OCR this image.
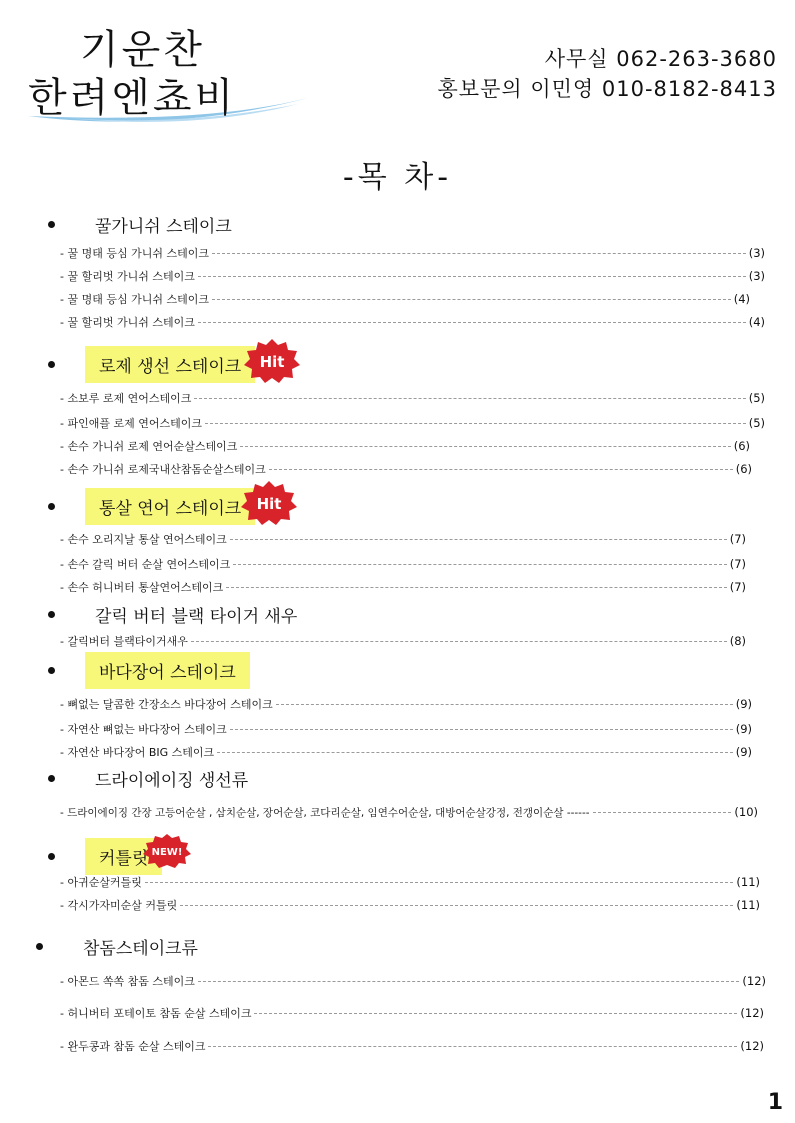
기운찬
한려엔쵸비
사무실 062-263-3680
홍보문의 이민영 010-8182-8413
-목 차-
꿀가니쉬 스테이크
- 꿀 명태 등심 가니쉬 스테이크	(3)
- 꿀 할리벗 가니쉬 스테이크	(3)
- 꿀 명태 등심 가니쉬 스테이크	(4)
- 꿀 할리벗 가니쉬 스테이크	(4)
로제 생선 스테이크	Hit
- 소보루 로제 연어스테이크	(5)
- 파인애플 로제 연어스테이크	(5)
- 손수 가니쉬 로제 연어순살스테이크	(6)
- 손수 가니쉬 로제국내산참돔순살스테이크	(6)
통살 연어 스테이크	Hit
- 손수 오리지날 통살 연어스테이크	(7)
- 손수 갈릭 버터 순살 연어스테이크	(7)
- 손수 허니버터 통살연어스테이크	(7)
갈릭 버터 블랙 타이거 새우
- 갈릭버터 블랙타이거새우	(8)
바다장어 스테이크
- 뼈없는 달콤한 간장소스 바다장어 스테이크	(9)
- 자연산 뼈없는 바다장어 스테이크	(9)
- 자연산 바다장어 BIG 스테이크	(9)
드라이에이징 생선류
- 드라이에이징 간장 고등어순살 , 삼치순살, 장어순살, 코다리순살, 임연수어순살, 대방어순살강정, 전갱이순살 ------	(10)
커틀릿 NEW!
- 아귀순살커틀릿	(11)
- 각시가자미순살 커틀릿	(11)
참돔스테이크류
- 아몬드 쏙쏙 참돔 스테이크	(12)
- 허니버터 포테이토 참돔 순살 스테이크	(12)
- 완두콩과 참돔 순살 스테이크	(12)
1
